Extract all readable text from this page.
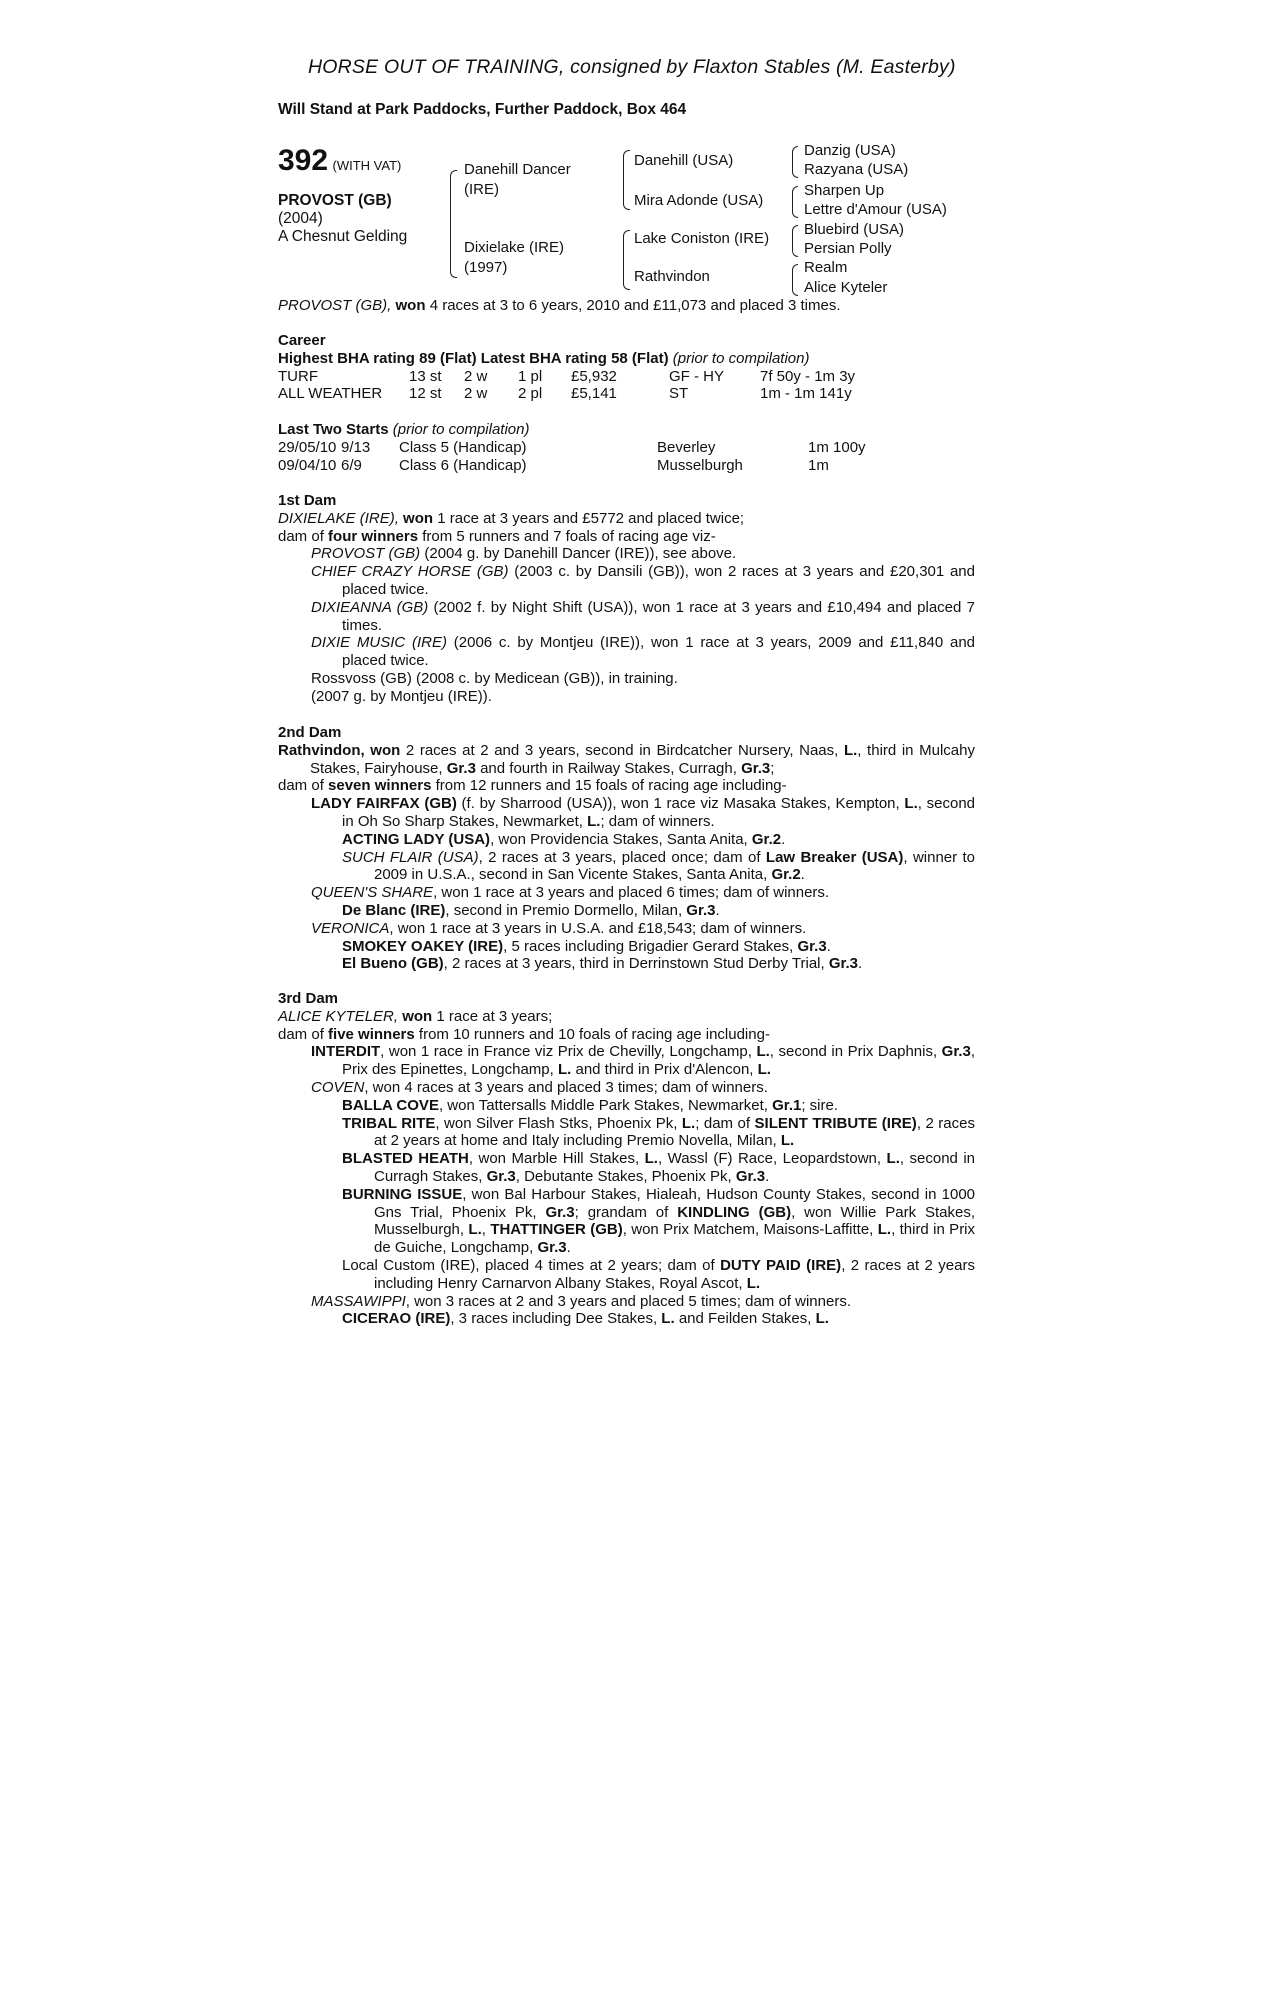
HORSE OUT OF TRAINING, consigned by Flaxton Stables (M. Easterby)
Will Stand at Park Paddocks, Further Paddock, Box 464
392 (WITH VAT)
PROVOST (GB)
(2004)
A Chesnut Gelding
Danehill Dancer
(IRE)
Dixielake (IRE)
(1997)
Danehill (USA)
Mira Adonde (USA)
Lake Coniston (IRE)
Rathvindon
Danzig (USA)
Razyana (USA)
Sharpen Up
Lettre d'Amour (USA)
Bluebird (USA)
Persian Polly
Realm
Alice Kyteler
PROVOST (GB), won 4 races at 3 to 6 years, 2010 and £11,073 and placed 3 times.
Career
Highest BHA rating 89 (Flat) Latest BHA rating 58 (Flat) (prior to compilation)
TURF	13 st 2 w 1 pl £5,932	GF - HY 7f 50y - 1m 3y
ALL WEATHER 12 st 2 w 2 pl £5,141	ST	1m - 1m 141y
Last Two Starts (prior to compilation)
29/05/10 9/13 Class 5 (Handicap)	Beverley	1m 100y
09/04/10 6/9 Class 6 (Handicap)	Musselburgh	1m
1st Dam
DIXIELAKE (IRE), won 1 race at 3 years and £5772 and placed twice;
dam of four winners from 5 runners and 7 foals of racing age viz-
PROVOST (GB) (2004 g. by Danehill Dancer (IRE)), see above.
CHIEF CRAZY HORSE (GB) (2003 c. by Dansili (GB)), won 2 races at 3 years and £20,301 and placed twice.
DIXIEANNA (GB) (2002 f. by Night Shift (USA)), won 1 race at 3 years and £10,494 and placed 7 times.
DIXIE MUSIC (IRE) (2006 c. by Montjeu (IRE)), won 1 race at 3 years, 2009 and £11,840 and placed twice.
Rossvoss (GB) (2008 c. by Medicean (GB)), in training.
(2007 g. by Montjeu (IRE)).
2nd Dam
Rathvindon, won 2 races at 2 and 3 years, second in Birdcatcher Nursery, Naas, L., third in Mulcahy Stakes, Fairyhouse, Gr.3 and fourth in Railway Stakes, Curragh, Gr.3;
dam of seven winners from 12 runners and 15 foals of racing age including-
LADY FAIRFAX (GB) (f. by Sharrood (USA)), won 1 race viz Masaka Stakes, Kempton, L., second in Oh So Sharp Stakes, Newmarket, L.; dam of winners.
ACTING LADY (USA), won Providencia Stakes, Santa Anita, Gr.2.
SUCH FLAIR (USA), 2 races at 3 years, placed once; dam of Law Breaker (USA), winner to 2009 in U.S.A., second in San Vicente Stakes, Santa Anita, Gr.2.
QUEEN'S SHARE, won 1 race at 3 years and placed 6 times; dam of winners.
De Blanc (IRE), second in Premio Dormello, Milan, Gr.3.
VERONICA, won 1 race at 3 years in U.S.A. and £18,543; dam of winners.
SMOKEY OAKEY (IRE), 5 races including Brigadier Gerard Stakes, Gr.3.
El Bueno (GB), 2 races at 3 years, third in Derrinstown Stud Derby Trial, Gr.3.
3rd Dam
ALICE KYTELER, won 1 race at 3 years;
dam of five winners from 10 runners and 10 foals of racing age including-
INTERDIT, won 1 race in France viz Prix de Chevilly, Longchamp, L., second in Prix Daphnis, Gr.3, Prix des Epinettes, Longchamp, L. and third in Prix d'Alencon, L.
COVEN, won 4 races at 3 years and placed 3 times; dam of winners.
BALLA COVE, won Tattersalls Middle Park Stakes, Newmarket, Gr.1; sire.
TRIBAL RITE, won Silver Flash Stks, Phoenix Pk, L.; dam of SILENT TRIBUTE (IRE), 2 races at 2 years at home and Italy including Premio Novella, Milan, L.
BLASTED HEATH, won Marble Hill Stakes, L., Wassl (F) Race, Leopardstown, L., second in Curragh Stakes, Gr.3, Debutante Stakes, Phoenix Pk, Gr.3.
BURNING ISSUE, won Bal Harbour Stakes, Hialeah, Hudson County Stakes, second in 1000 Gns Trial, Phoenix Pk, Gr.3; grandam of KINDLING (GB), won Willie Park Stakes, Musselburgh, L., THATTINGER (GB), won Prix Matchem, Maisons-Laffitte, L., third in Prix de Guiche, Longchamp, Gr.3.
Local Custom (IRE), placed 4 times at 2 years; dam of DUTY PAID (IRE), 2 races at 2 years including Henry Carnarvon Albany Stakes, Royal Ascot, L.
MASSAWIPPI, won 3 races at 2 and 3 years and placed 5 times; dam of winners.
CICERAO (IRE), 3 races including Dee Stakes, L. and Feilden Stakes, L.
